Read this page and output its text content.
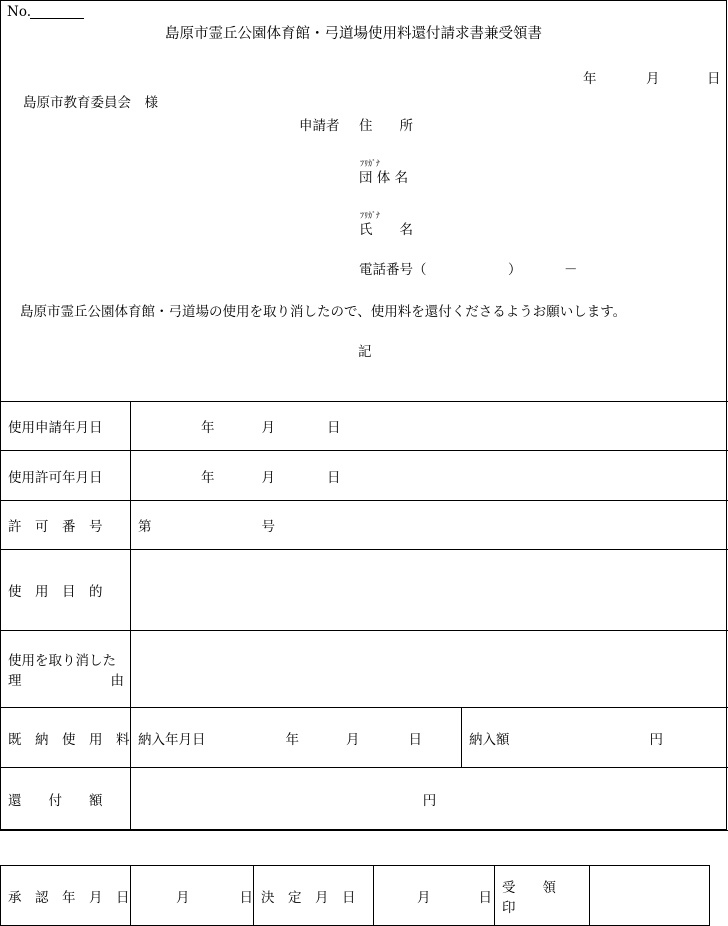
No.
島原市霊丘公園体育館・弓道場使用料還付請求書兼受領書
年	月	日
島原市教育委員会　様
申請者 住　　所
ﾌﾘｶﾞﾅ
団 体 名
ﾌﾘｶﾞﾅ
氏　　名
電話番号（	）	－
島原市霊丘公園体育館・弓道場の使用を取り消したので、使用料を還付くださるようお願いします。
記
使用申請年月日	年 月 日	
使用許可年月日	年 月 日	
許　可　番　号	第 号	
使　用　目　的		

使用を取り消した
理 由		

既　納　使　用　料	納入年月日 年 月 日	納入額 円
還　　付　　額	円	
承　認　年　月　日	月	日	決　定　月　日	月	日	受　　領　　印	
